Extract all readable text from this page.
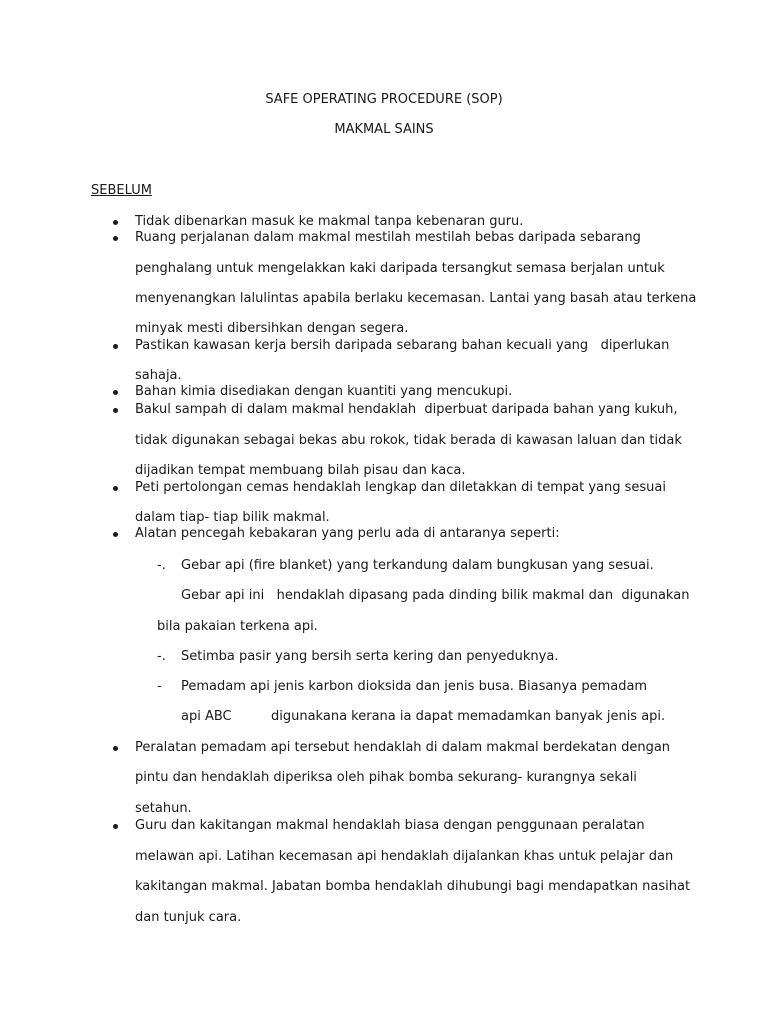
SAFE OPERATING PROCEDURE (SOP)
MAKMAL SAINS
SEBELUM
Tidak dibenarkan masuk ke makmal tanpa kebenaran guru.
Ruang perjalanan dalam makmal mestilah mestilah bebas daripada sebarang
penghalang untuk mengelakkan kaki daripada tersangkut semasa berjalan untuk
menyenangkan lalulintas apabila berlaku kecemasan. Lantai yang basah atau terkena
minyak mesti dibersihkan dengan segera.
Pastikan kawasan kerja bersih daripada sebarang bahan kecuali yang   diperlukan
sahaja.
Bahan kimia disediakan dengan kuantiti yang mencukupi.
Bakul sampah di dalam makmal hendaklah  diperbuat daripada bahan yang kukuh,
tidak digunakan sebagai bekas abu rokok, tidak berada di kawasan laluan dan tidak
dijadikan tempat membuang bilah pisau dan kaca.
Peti pertolongan cemas hendaklah lengkap dan diletakkan di tempat yang sesuai
dalam tiap- tiap bilik makmal.
Alatan pencegah kebakaran yang perlu ada di antaranya seperti:
-. Gebar api (fire blanket) yang terkandung dalam bungkusan yang sesuai.
Gebar api ini   hendaklah dipasang pada dinding bilik makmal dan  digunakan
bila pakaian terkena api.
-. Setimba pasir yang bersih serta kering dan penyeduknya.
- Pemadam api jenis karbon dioksida dan jenis busa. Biasanya pemadam
api ABC	digunakana kerana ia dapat memadamkan banyak jenis api.
Peralatan pemadam api tersebut hendaklah di dalam makmal berdekatan dengan
pintu dan hendaklah diperiksa oleh pihak bomba sekurang- kurangnya sekali
setahun.
Guru dan kakitangan makmal hendaklah biasa dengan penggunaan peralatan
melawan api. Latihan kecemasan api hendaklah dijalankan khas untuk pelajar dan
kakitangan makmal. Jabatan bomba hendaklah dihubungi bagi mendapatkan nasihat
dan tunjuk cara.
